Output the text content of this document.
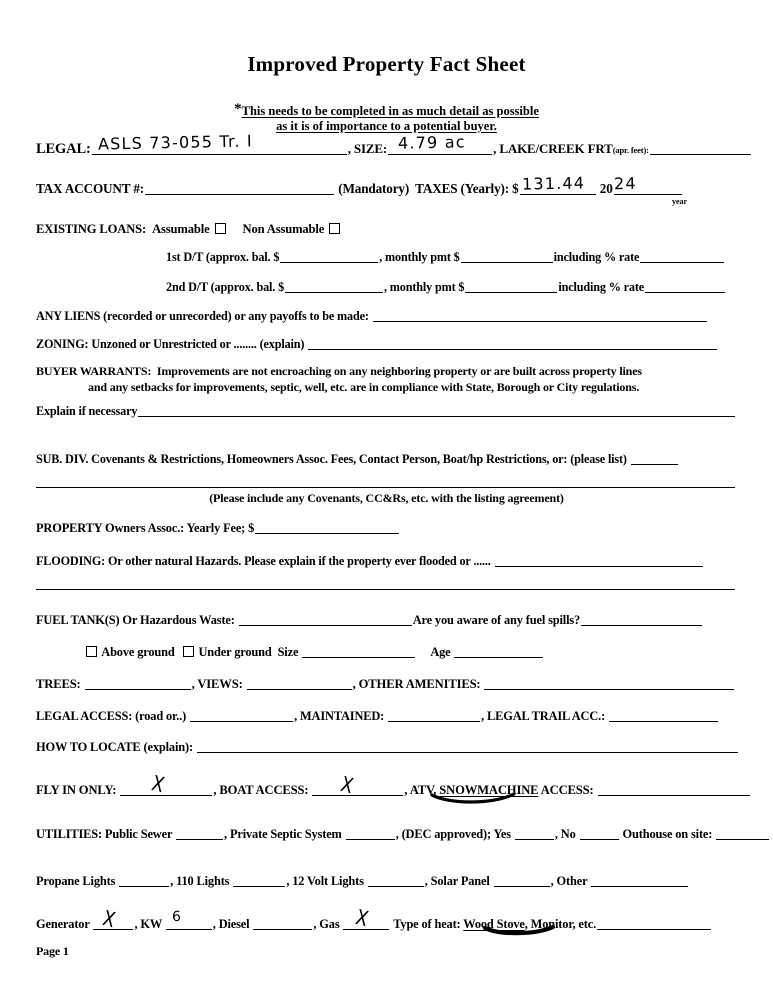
Improved Property Fact Sheet
*This needs to be completed in as much detail as possible
as it is of importance to a potential buyer.
LEGAL: ASLS 73-055 Tr. I	, SIZE: 4.79 ac , LAKE/CREEK FRT(apr. feet):
TAX ACCOUNT #:	(Mandatory) TAXES (Yearly): $ 131.44 20 24
year
EXISTING LOANS: Assumable	Non Assumable
1st D/T (approx. bal. $	, monthly pmt $	including % rate
2nd D/T (approx. bal. $	, monthly pmt $	including % rate
ANY LIENS (recorded or unrecorded) or any payoffs to be made:
ZONING: Unzoned or Unrestricted or ........ (explain)
BUYER WARRANTS: Improvements are not encroaching on any neighboring property or are built across property lines
and any setbacks for improvements, septic, well, etc. are in compliance with State, Borough or City regulations.
Explain if necessary
SUB. DIV. Covenants & Restrictions, Homeowners Assoc. Fees, Contact Person, Boat/hp Restrictions, or: (please list)
(Please include any Covenants, CC&Rs, etc. with the listing agreement)
PROPERTY Owners Assoc.: Yearly Fee; $
FLOODING: Or other natural Hazards. Please explain if the property ever flooded or ......
FUEL TANK(S) Or Hazardous Waste:	Are you aware of any fuel spills?
Above ground Under ground Size	Age
TREES:	, VIEWS:	, OTHER AMENITIES:
LEGAL ACCESS: (road or..)	, MAINTAINED:	, LEGAL TRAIL ACC.:
HOW TO LOCATE (explain):
FLY IN ONLY: X	, BOAT ACCESS: X	, ATV, SNOWMACHINE ACCESS:
UTILITIES: Public Sewer	, Private Septic System	, (DEC approved); Yes	, No	Outhouse on site:
Propane Lights	, 110 Lights	, 12 Volt Lights	, Solar Panel	, Other
Generator X , KW 6	, Diesel	, Gas X Type of heat: Wood Stove, Monitor, etc.
Page 1
